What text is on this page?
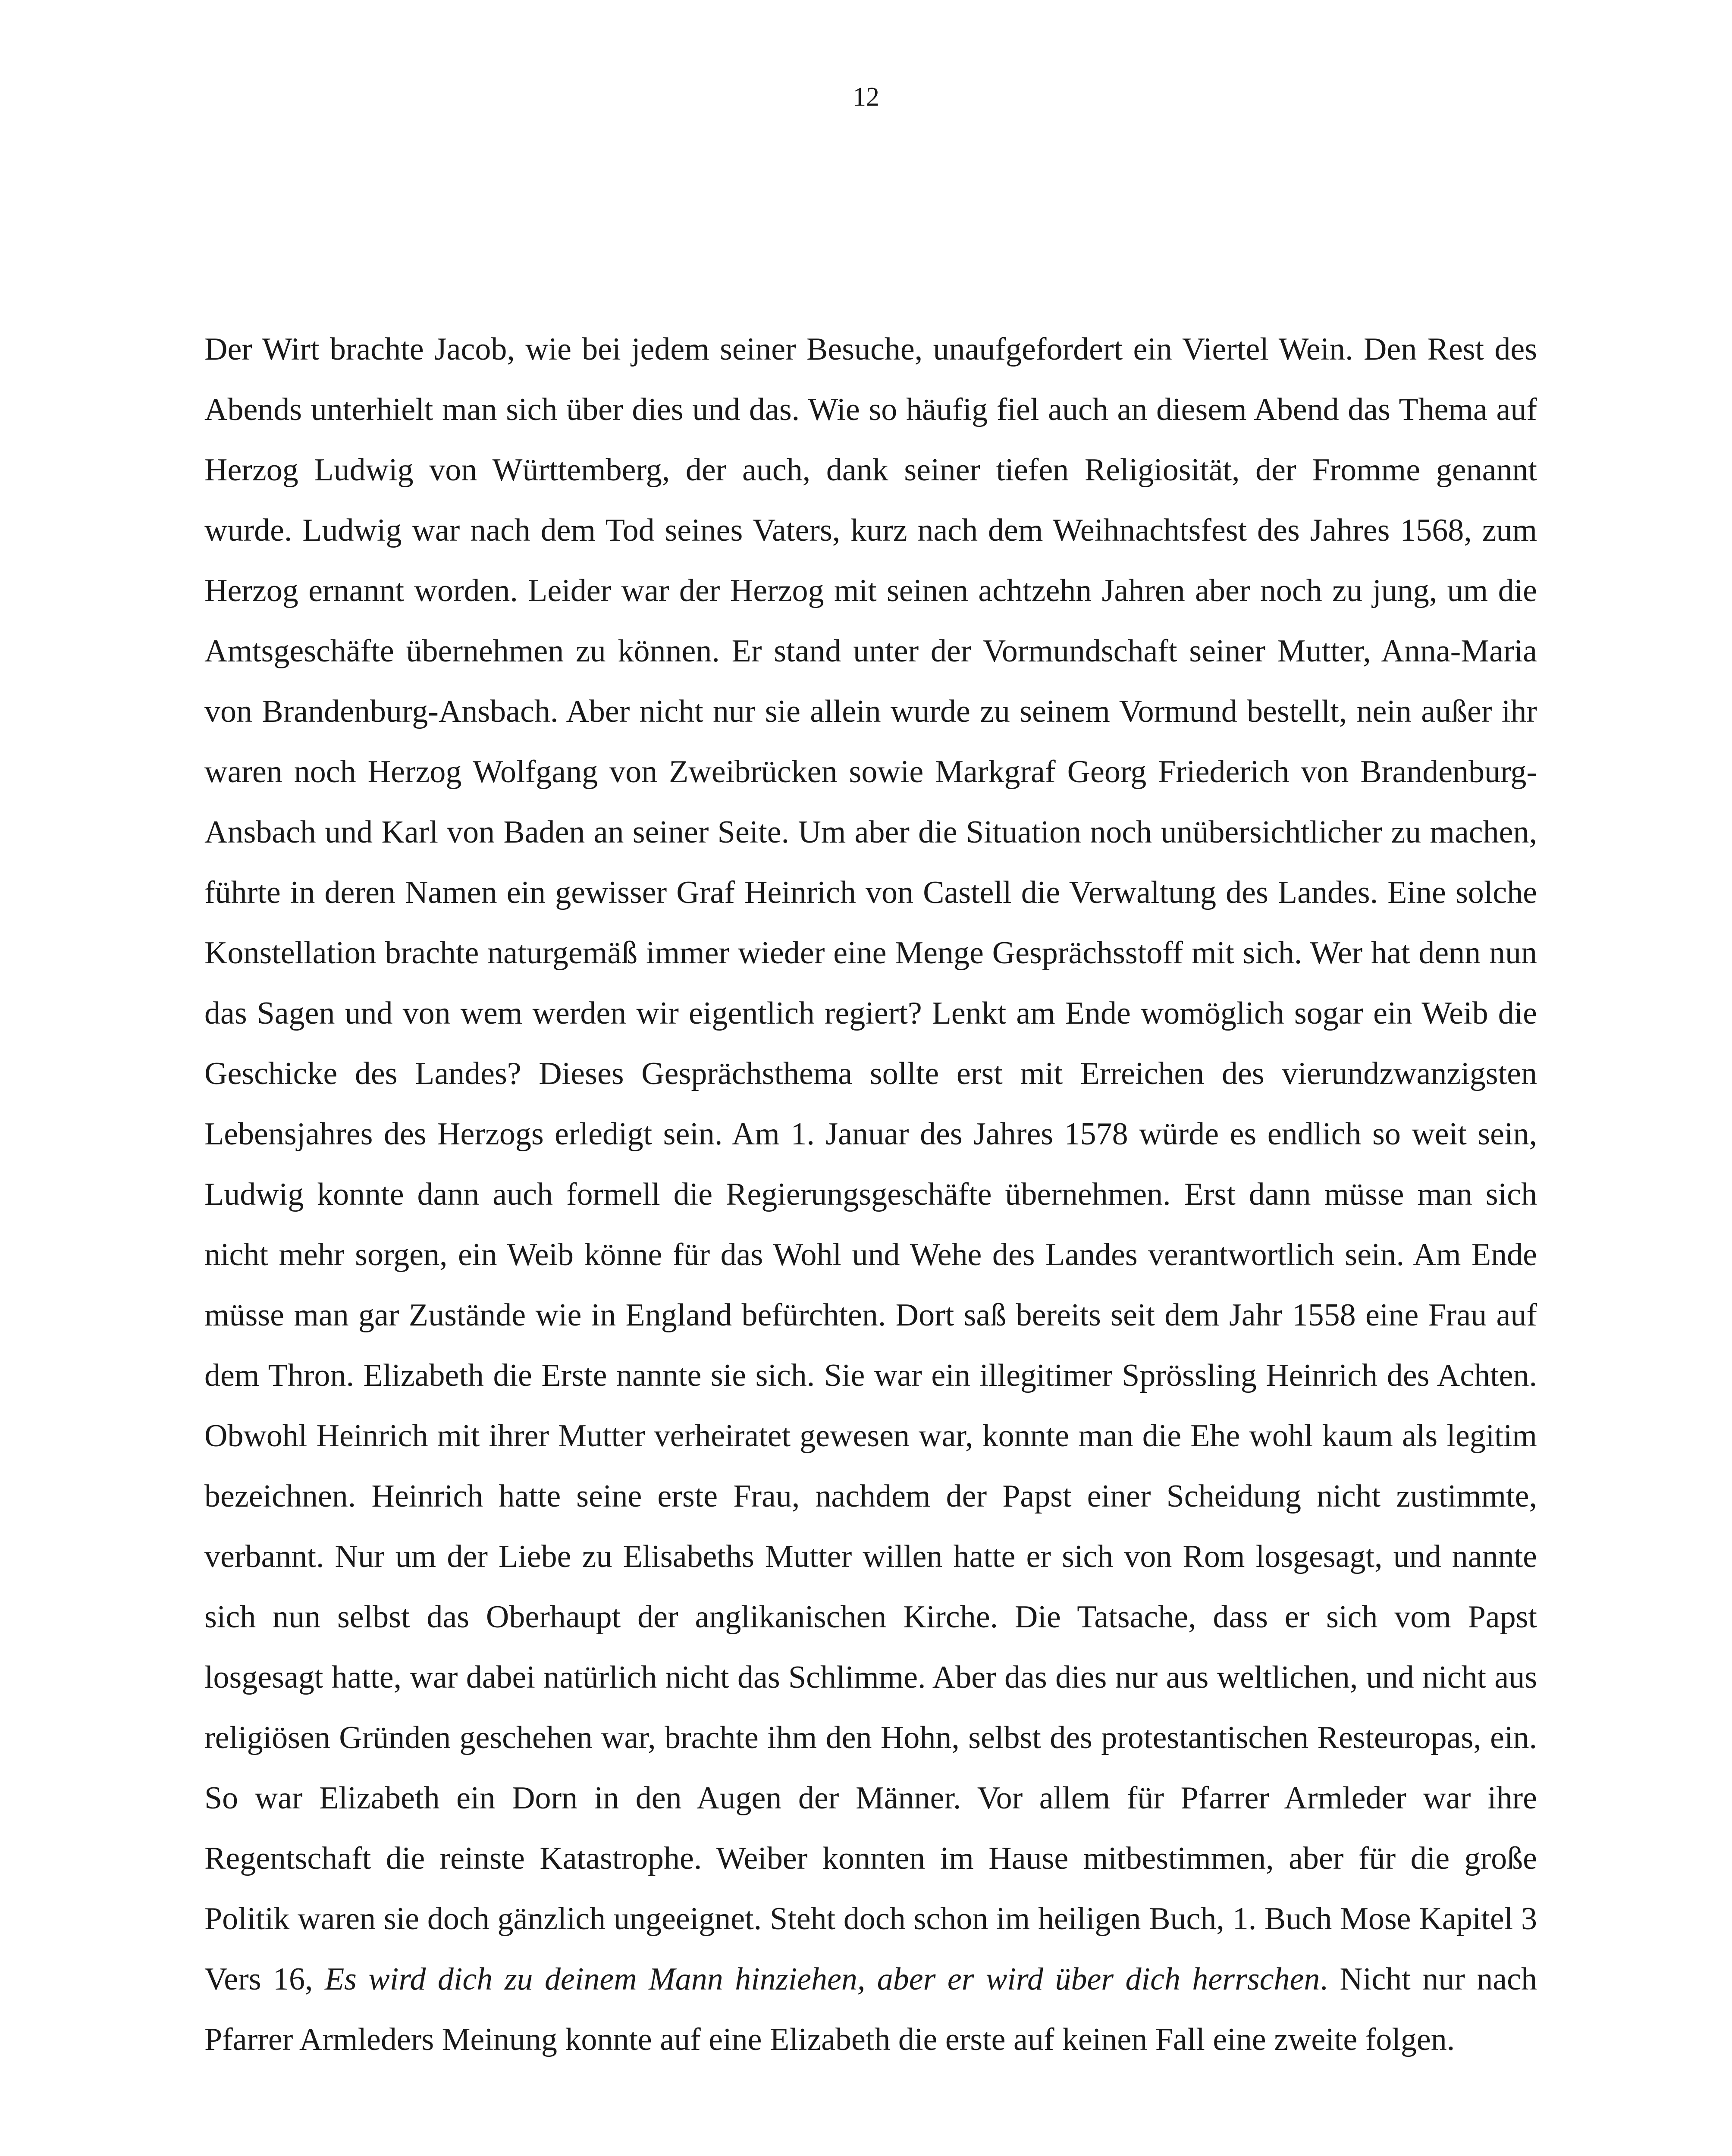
12

Der Wirt brachte Jacob, wie bei jedem seiner Besuche, unaufgefordert ein Viertel Wein. Den Rest des Abends unterhielt man sich über dies und das. Wie so häufig fiel auch an diesem Abend das Thema auf Herzog Ludwig von Württemberg, der auch, dank seiner tiefen Religiosität, der Fromme genannt wurde. Ludwig war nach dem Tod seines Vaters, kurz nach dem Weihnachtsfest des Jahres 1568, zum Herzog ernannt worden. Leider war der Herzog mit seinen achtzehn Jahren aber noch zu jung, um die Amtsgeschäfte übernehmen zu können. Er stand unter der Vormundschaft seiner Mutter, Anna-Maria von Brandenburg-Ansbach. Aber nicht nur sie allein wurde zu seinem Vormund bestellt, nein außer ihr waren noch Herzog Wolfgang von Zweibrücken sowie Markgraf Georg Friederich von Brandenburg-Ansbach und Karl von Baden an seiner Seite. Um aber die Situation noch unübersichtlicher zu machen, führte in deren Namen ein gewisser Graf Heinrich von Castell die Verwaltung des Landes. Eine solche Konstellation brachte naturgemäß immer wieder eine Menge Gesprächsstoff mit sich. Wer hat denn nun das Sagen und von wem werden wir eigentlich regiert? Lenkt am Ende womöglich sogar ein Weib die Geschicke des Landes? Dieses Gesprächsthema sollte erst mit Erreichen des vierundzwanzigsten Lebensjahres des Herzogs erledigt sein. Am 1. Januar des Jahres 1578 würde es endlich so weit sein, Ludwig konnte dann auch formell die Regierungsgeschäfte übernehmen. Erst dann müsse man sich nicht mehr sorgen, ein Weib könne für das Wohl und Wehe des Landes verantwortlich sein. Am Ende müsse man gar Zustände wie in England befürchten. Dort saß bereits seit dem Jahr 1558 eine Frau auf dem Thron. Elizabeth die Erste nannte sie sich. Sie war ein illegitimer Sprössling Heinrich des Achten. Obwohl Heinrich mit ihrer Mutter verheiratet gewesen war, konnte man die Ehe wohl kaum als legitim bezeichnen. Heinrich hatte seine erste Frau, nachdem der Papst einer Scheidung nicht zustimmte, verbannt. Nur um der Liebe zu Elisabeths Mutter willen hatte er sich von Rom losgesagt, und nannte sich nun selbst das Oberhaupt der anglikanischen Kirche. Die Tatsache, dass er sich vom Papst losgesagt hatte, war dabei natürlich nicht das Schlimme. Aber das dies nur aus weltlichen, und nicht aus religiösen Gründen geschehen war, brachte ihm den Hohn, selbst des protestantischen Resteuropas, ein. So war Elizabeth ein Dorn in den Augen der Männer. Vor allem für Pfarrer Armleder war ihre Regentschaft die reinste Katastrophe. Weiber konnten im Hause mitbestimmen, aber für die große Politik waren sie doch gänzlich ungeeignet. Steht doch schon im heiligen Buch, 1. Buch Mose Kapitel 3 Vers 16, Es wird dich zu deinem Mann hinziehen, aber er wird über dich herrschen. Nicht nur nach Pfarrer Armleders Meinung konnte auf eine Elizabeth die erste auf keinen Fall eine zweite folgen.
